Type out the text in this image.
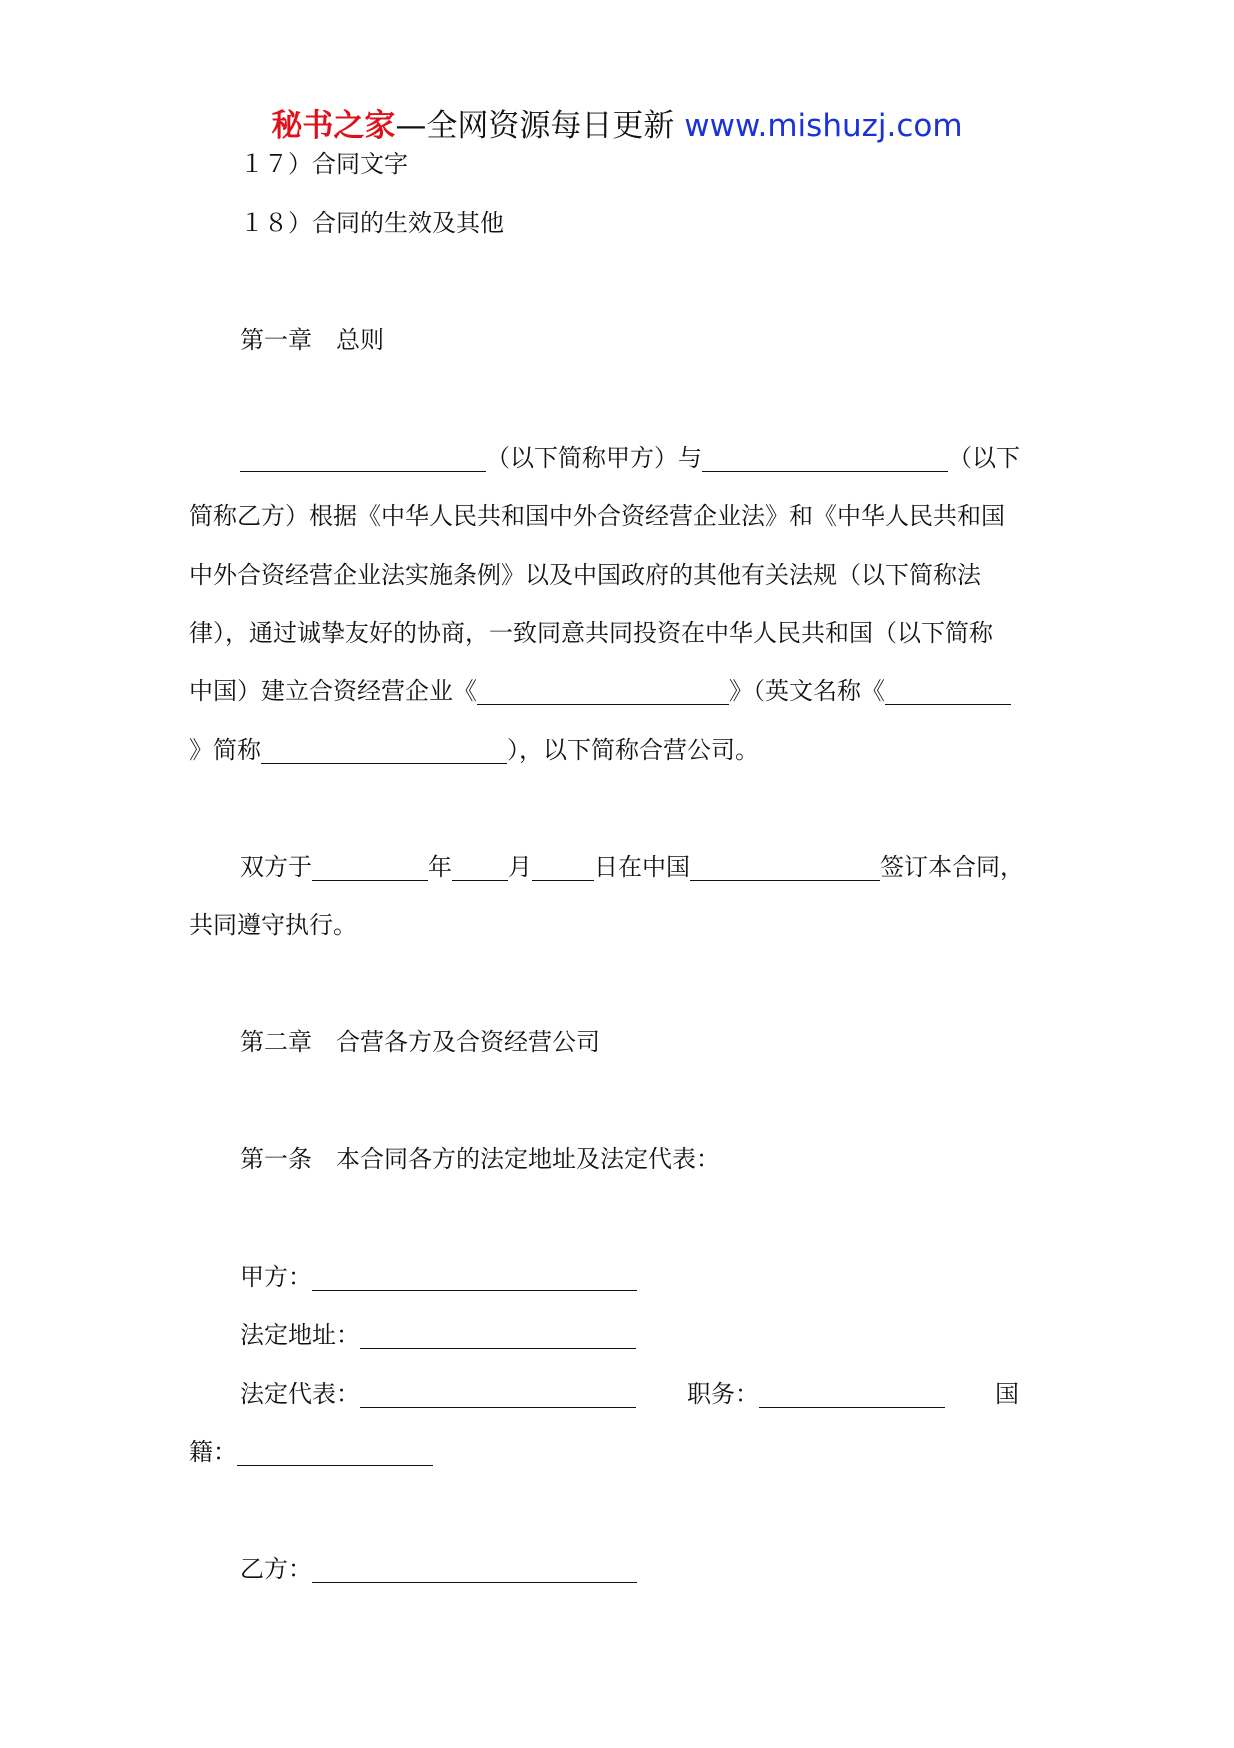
秘书之家—全网资源每日更新 www.mishuzj.com
１７）合同文字
１８）合同的生效及其他
第一章　总则
（以下简称甲方）与	（以下
简称乙方）根据《中华人民共和国中外合资经营企业法》和《中华人民共和国
中外合资经营企业法实施条例》以及中国政府的其他有关法规（以下简称法
律），通过诚挚友好的协商，一致同意共同投资在中华人民共和国（以下简称
中国）建立合资经营企业《	》（英文名称《
》简称	），以下简称合营公司。
双方于	年 月	日在中国	签订本合同，
共同遵守执行。
第二章　合营各方及合资经营公司
第一条　本合同各方的法定地址及法定代表：
甲方：
法定地址：
法定代表：	职务：	国
籍：
乙方：
